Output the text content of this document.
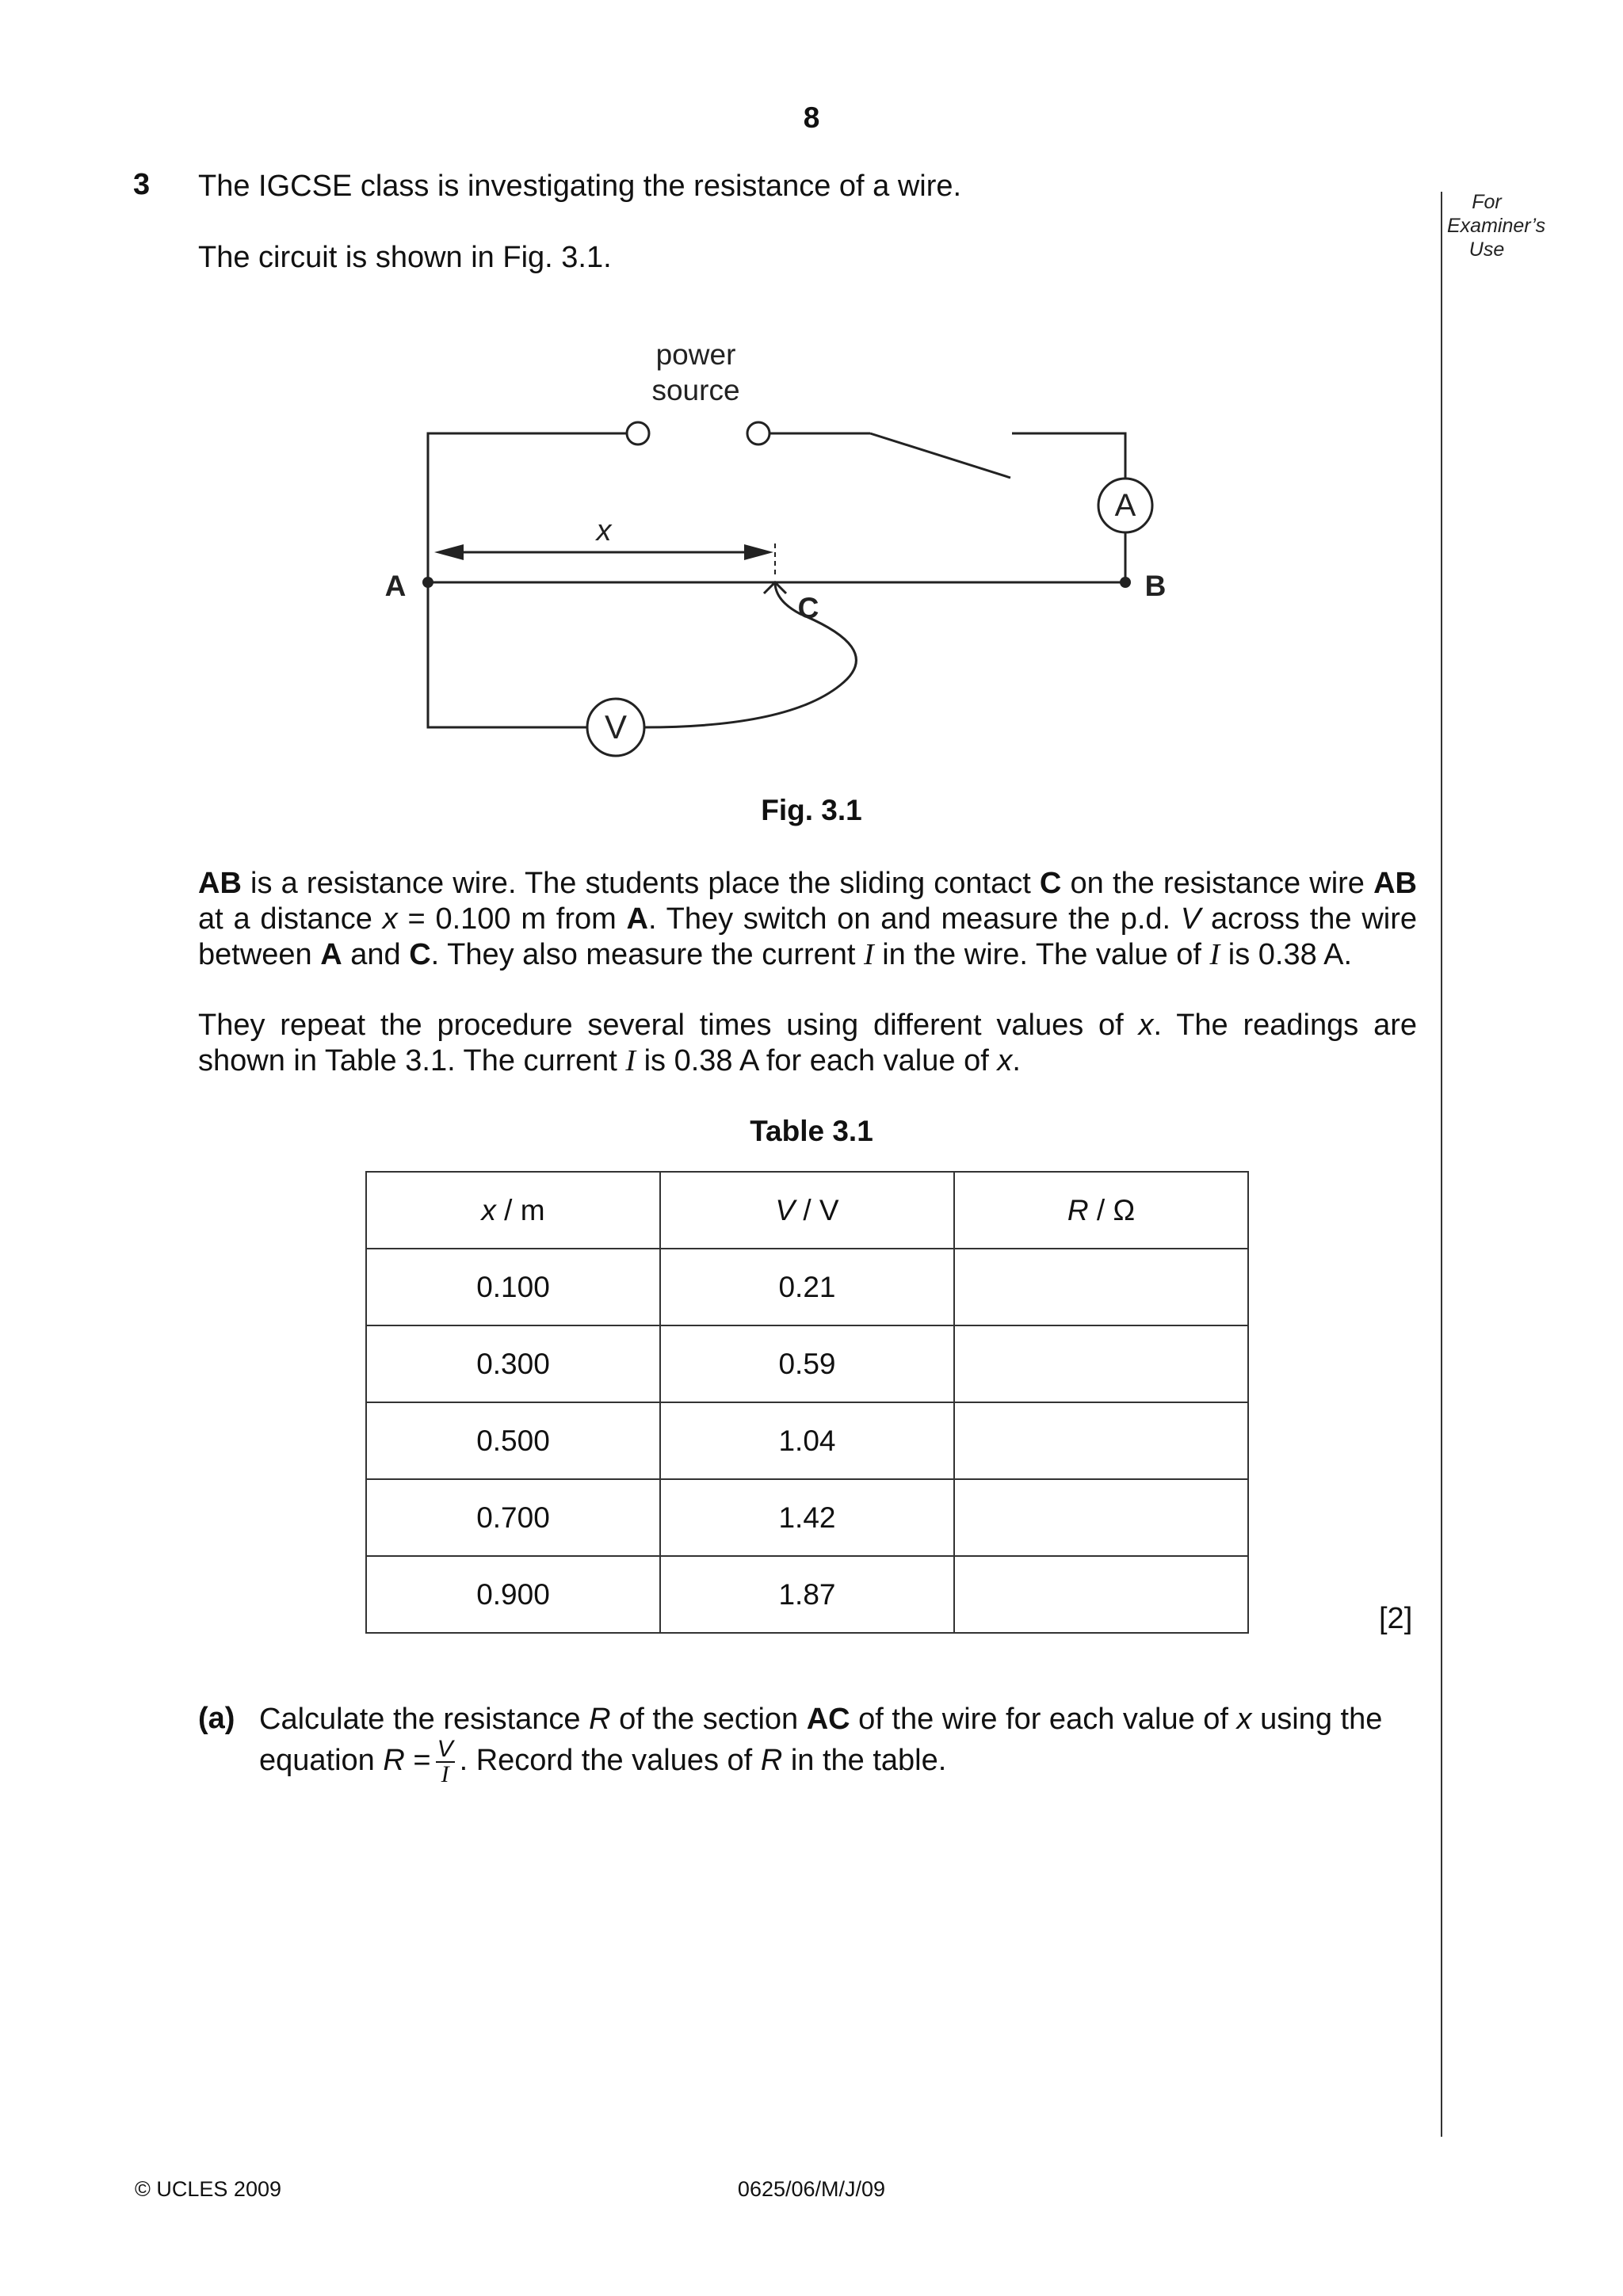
8
3 The IGCSE class is investigating the resistance of a wire.
The circuit is shown in Fig. 3.1.
For
Examiner’s
Use
power
source
x
A	B
C
A
V
Fig. 3.1
AB is a resistance wire. The students place the sliding contact C on the resistance wire AB at a distance x = 0.100 m from A. They switch on and measure the p.d. V across the wire between A and C. They also measure the current I in the wire. The value of I is 0.38 A.
They repeat the procedure several times using different values of x. The readings are shown in Table 3.1. The current I is 0.38 A for each value of x.
Table 3.1
x / m	V / V	R / Ω
0.100	0.21	
0.300	0.59	
0.500	1.04	
0.700	1.42	
0.900	1.87	
[2]
(a) Calculate the resistance R of the section AC of the wire for each value of x using the equation $R = \frac{V}{I}$ . Record the values of R in the table.
© UCLES 2009	0625/06/M/J/09
